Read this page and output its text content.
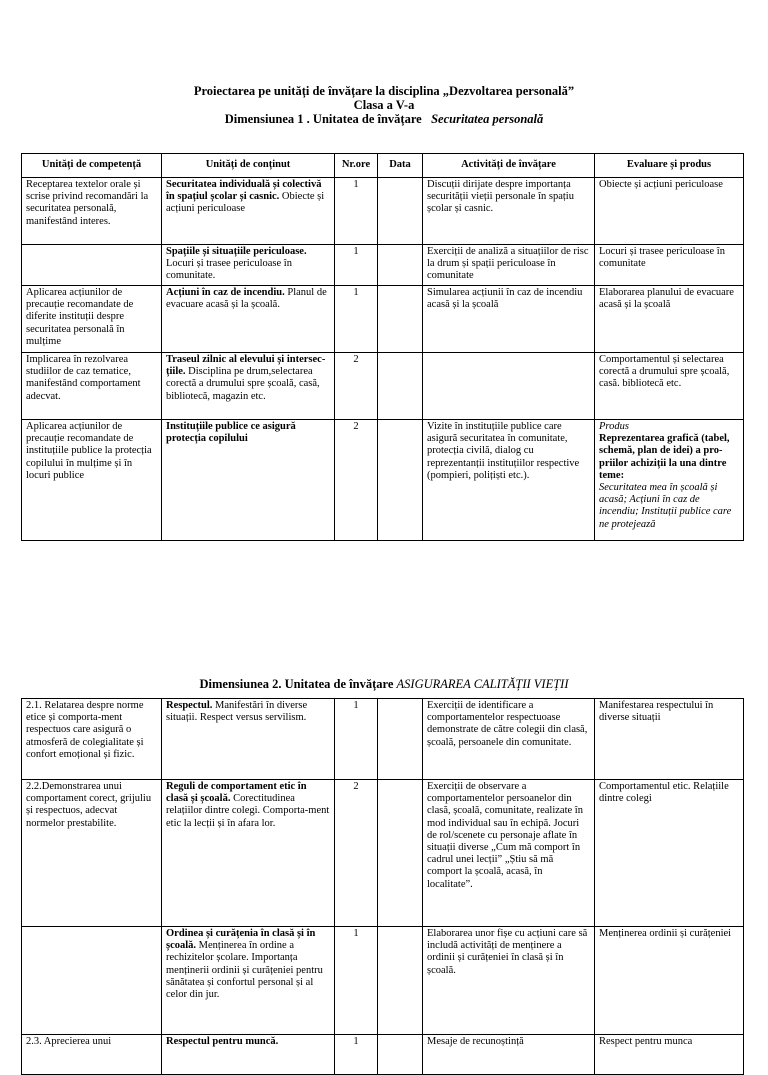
Proiectarea pe unități de învățare la disciplina „Dezvoltarea personală”
Clasa a V-a
Dimensiunea 1 . Unitatea de învățare Securitatea personală
Unități de competență	Unități de conținut	Nr.ore	Data	Activități de învățare	Evaluare și produs
Receptarea textelor orale și scrise privind recomandări la securitatea personală, manifestând interes.	Securitatea individuală și colectivă în spațiul școlar și casnic. Obiecte și acțiuni periculoase	1		Discuții dirijate despre importanța securității vieții personale în spațiu școlar și casnic.	Obiecte și acțiuni periculoase
	Spațiile și situațiile periculoase. Locuri și trasee periculoase în comunitate.	1		Exerciții de analiză a situațiilor de risc la drum și spații periculoase în comunitate	Locuri și trasee periculoase în comunitate
Aplicarea acțiunilor de precauție recomandate de diferite instituții despre securitatea personală în mulțime	Acțiuni în caz de incendiu. Planul de evacuare acasă și la școală.	1		Simularea acțiunii în caz de incendiu acasă și la școală	Elaborarea planului de evacuare acasă și la școală
Implicarea în rezolvarea studiilor de caz tematice, manifestând comportament adecvat.	Traseul zilnic al elevului și intersec-țiile. Disciplina pe drum,selectarea corectă a drumului spre școală, casă, bibliotecă, magazin etc.	2			Comportamentul și selectarea corectă a drumului spre școală, casă. bibliotecă etc.
Aplicarea acțiunilor de precauție recomandate de instituțiile publice la protecția copilului în mulțime și în locuri publice	Instituțiile publice ce asigură protecția copilului	2		Vizite în instituțiile publice care asigură securitatea în comunitate, protecția civilă, dialog cu reprezentanții instituțiilor respective (pompieri, polițiști etc.).	Produs
Reprezentarea grafică (tabel, schemă, plan de idei) a pro-priilor achiziții la una dintre teme:
Securitatea mea în școală și acasă; Acțiuni în caz de incendiu; Instituții publice care ne protejează
Dimensiunea 2. Unitatea de învățare ASIGURAREA CALITĂȚII VIEȚII
2.1. Relatarea despre norme etice și comporta-ment respectuos care asigură o atmosferă de colegialitate și confort emoțional și fizic.	Respectul. Manifestări în diverse situații. Respect versus servilism.	1		Exerciții de identificare a comportamentelor respectuoase demonstrate de către colegii din clasă, școală, persoanele din comunitate.	Manifestarea respectului în diverse situații
2.2.Demonstrarea unui comportament corect, grijuliu și respectuos, adecvat normelor prestabilite.	Reguli de comportament etic în clasă și școală. Corectitudinea relațiilor dintre colegi. Comporta-ment etic la lecții și în afara lor.	2		Exerciții de observare a comportamentelor persoanelor din clasă, școală, comunitate, realizate în mod individual sau în echipă. Jocuri de rol/scenete cu personaje aflate în situații diverse „Cum mă comport în cadrul unei lecții” „Știu să mă comport la școală, acasă, în localitate”.	Comportamentul etic. Relațiile dintre colegi
	Ordinea și curățenia în clasă și în școală. Menținerea în ordine a rechizitelor școlare. Importanța menținerii ordinii și curățeniei pentru sănătatea și confortul personal și al celor din jur.	1		Elaborarea unor fișe cu acțiuni care să includă activități de menținere a ordinii și curățeniei în clasă și în școală.	Menținerea ordinii și curățeniei
2.3. Aprecierea unui	Respectul pentru muncă.	1		Mesaje de recunoștință	Respect pentru munca
